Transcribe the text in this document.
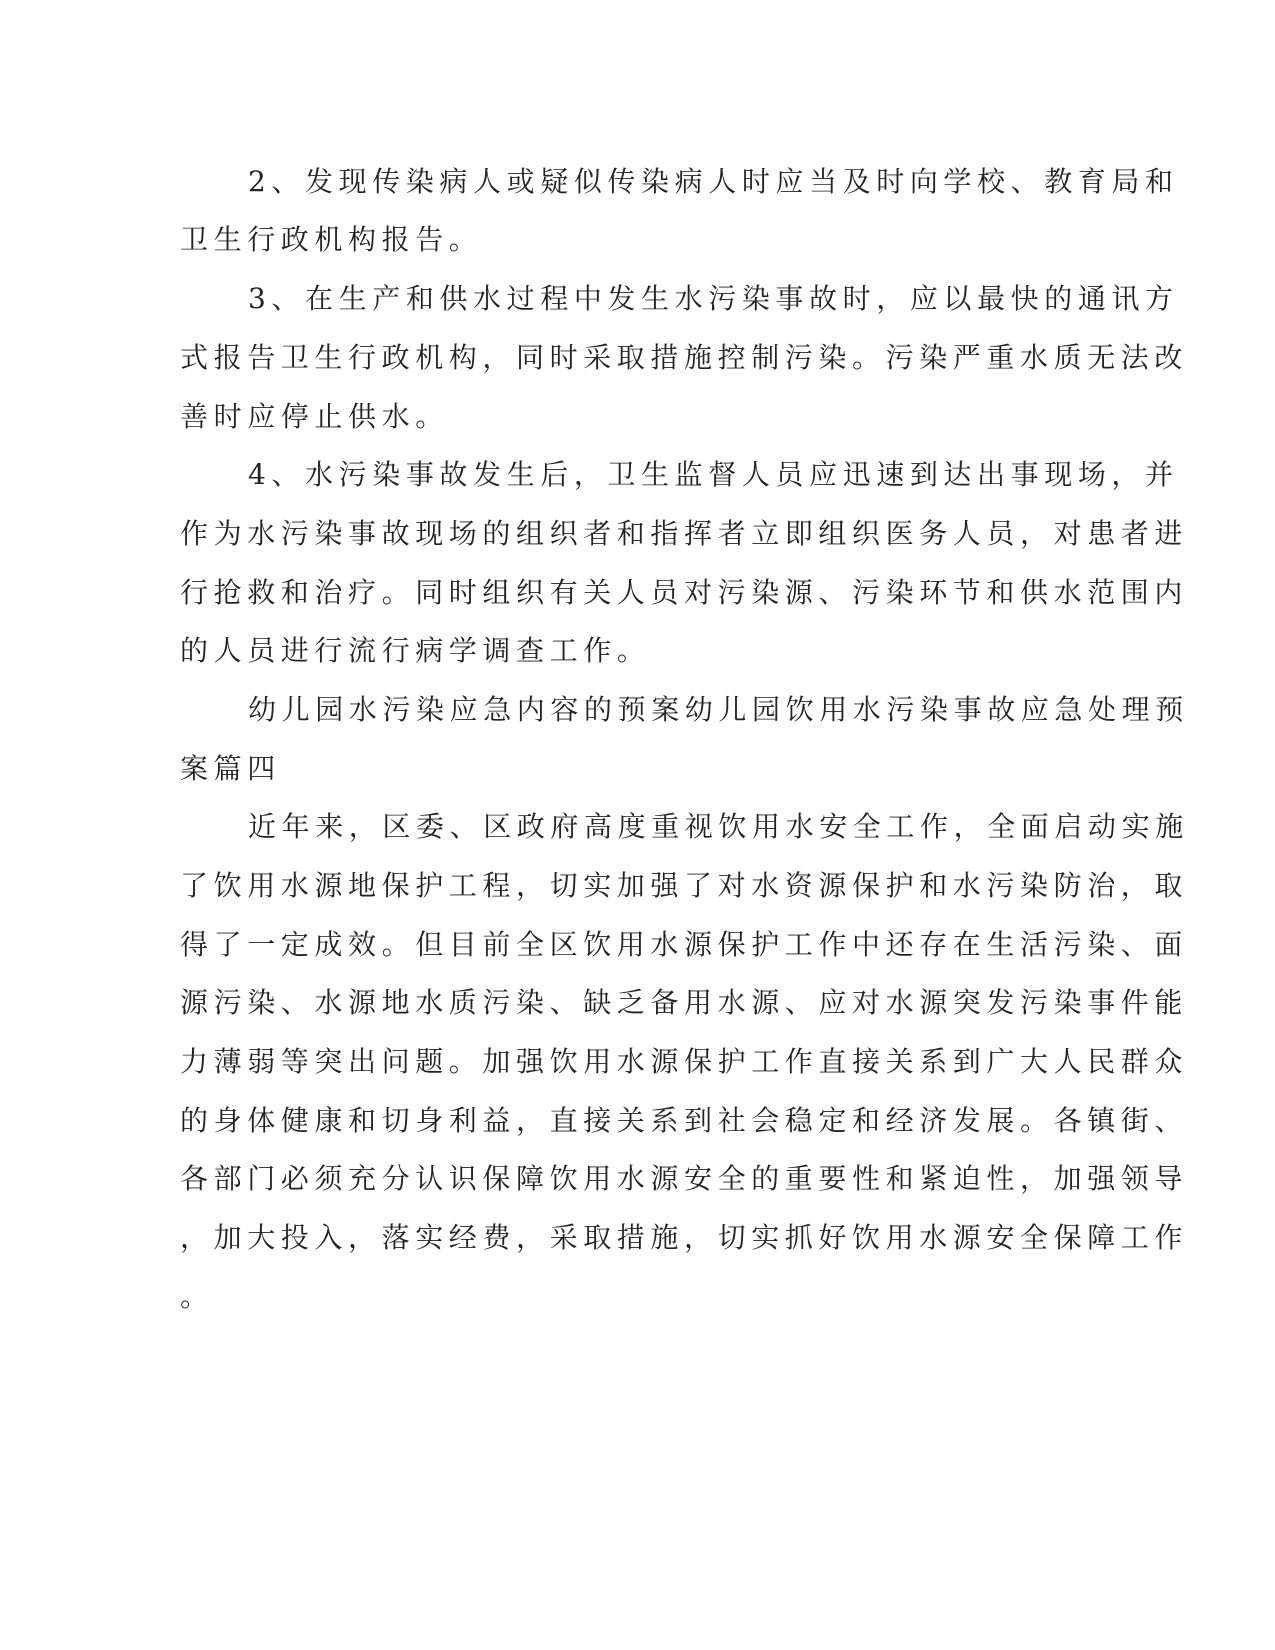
2、发现传染病人或疑似传染病人时应当及时向学校、教育局和
卫生行政机构报告。
3、在生产和供水过程中发生水污染事故时，应以最快的通讯方
式报告卫生行政机构，同时采取措施控制污染。污染严重水质无法改
善时应停止供水。
4、水污染事故发生后，卫生监督人员应迅速到达出事现场，并
作为水污染事故现场的组织者和指挥者立即组织医务人员，对患者进
行抢救和治疗。同时组织有关人员对污染源、污染环节和供水范围内
的人员进行流行病学调查工作。
幼儿园水污染应急内容的预案幼儿园饮用水污染事故应急处理预
案篇四
近年来，区委、区政府高度重视饮用水安全工作，全面启动实施
了饮用水源地保护工程，切实加强了对水资源保护和水污染防治，取
得了一定成效。但目前全区饮用水源保护工作中还存在生活污染、面
源污染、水源地水质污染、缺乏备用水源、应对水源突发污染事件能
力薄弱等突出问题。加强饮用水源保护工作直接关系到广大人民群众
的身体健康和切身利益，直接关系到社会稳定和经济发展。各镇街、
各部门必须充分认识保障饮用水源安全的重要性和紧迫性，加强领导
，加大投入，落实经费，采取措施，切实抓好饮用水源安全保障工作
。
